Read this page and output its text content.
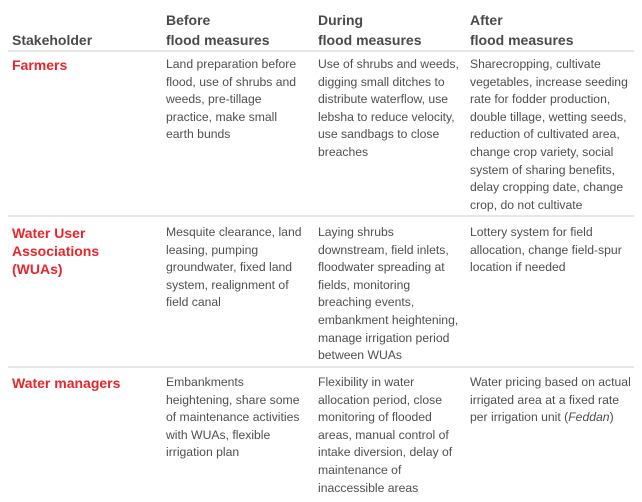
Stakeholder
Before
flood measures
During
flood measures
After
flood measures
Farmers	Land preparation before flood, use of shrubs and weeds, pre-tillage practice, make small earth bunds
Use of shrubs and weeds, digging small ditches to distribute waterflow, use lebsha to reduce velocity, use sandbags to close breaches
Sharecropping, cultivate vegetables, increase seeding rate for fodder production, double tillage, wetting seeds, reduction of cultivated area, change crop variety, social system of sharing benefits, delay cropping date, change crop, do not cultivate
Water User
Associations (WUAs)
Mesquite clearance, land leasing, pumping groundwater, fixed land system, realignment of field canal
Laying shrubs downstream, field inlets, floodwater spreading at fields, monitoring breaching events, embankment heightening, manage irrigation period between WUAs
Lottery system for field allocation, change field-spur location if needed
Water managers	Embankments heightening, share some of maintenance activities with WUAs, flexible irrigation plan
Flexibility in water allocation period, close monitoring of flooded areas, manual control of intake diversion, delay of maintenance of inaccessible areas
Water pricing based on actual irrigated area at a fixed rate per irrigation unit (Feddan)
